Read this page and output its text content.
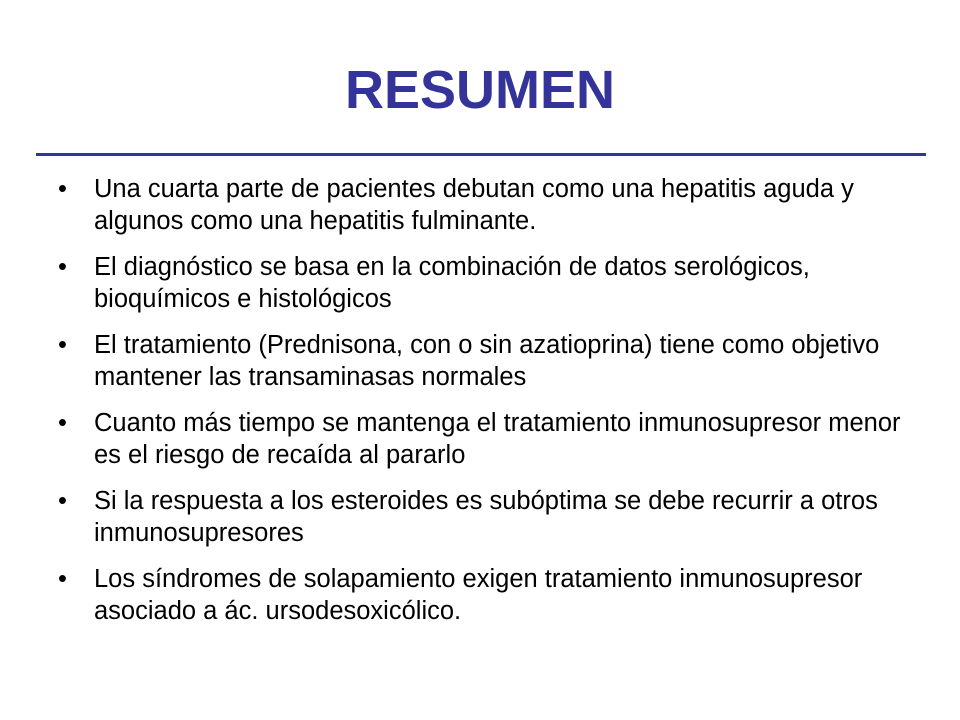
RESUMEN
•	Una cuarta parte de pacientes debutan como una hepatitis aguda y algunos como una hepatitis fulminante.
•	El diagnóstico se basa en la combinación de datos serológicos, bioquímicos e histológicos
•	El tratamiento (Prednisona, con o sin azatioprina) tiene como objetivo mantener las transaminasas normales
•	Cuanto más tiempo se mantenga el tratamiento inmunosupresor menor es el riesgo de recaída al pararlo
•	Si la respuesta a los esteroides es subóptima se debe recurrir a otros inmunosupresores
•	Los síndromes de solapamiento exigen tratamiento inmunosupresor asociado a ác. ursodesoxicólico.
